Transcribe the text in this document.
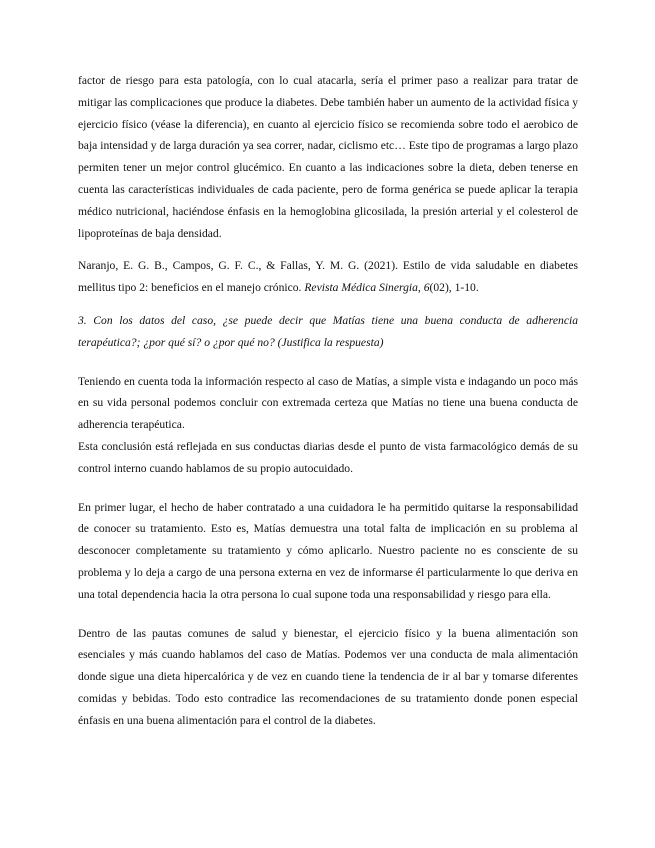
factor de riesgo para esta patología, con lo cual atacarla, sería el primer paso a realizar para tratar de mitigar las complicaciones que produce la diabetes. Debe también haber un aumento de la actividad física y ejercicio físico (véase la diferencia), en cuanto al ejercicio físico se recomienda sobre todo el aerobico de baja intensidad y de larga duración ya sea correr, nadar, ciclismo etc… Este tipo de programas a largo plazo permiten tener un mejor control glucémico. En cuanto a las indicaciones sobre la dieta, deben tenerse en cuenta las características individuales de cada paciente, pero de forma genérica se puede aplicar la terapia médico nutricional, haciéndose énfasis en la hemoglobina glicosilada, la presión arterial y el colesterol de lipoproteínas de baja densidad.

Naranjo, E. G. B., Campos, G. F. C., & Fallas, Y. M. G. (2021). Estilo de vida saludable en diabetes mellitus tipo 2: beneficios en el manejo crónico. Revista Médica Sinergia, 6(02), 1-10.

3. Con los datos del caso, ¿se puede decir que Matías tiene una buena conducta de adherencia terapéutica?; ¿por qué sí? o ¿por qué no? (Justifica la respuesta)

Teniendo en cuenta toda la información respecto al caso de Matías, a simple vista e indagando un poco más en su vida personal podemos concluir con extremada certeza que Matías no tiene una buena conducta de adherencia terapéutica.

Esta conclusión está reflejada en sus conductas diarias desde el punto de vista farmacológico demás de su control interno cuando hablamos de su propio autocuidado.

En primer lugar, el hecho de haber contratado a una cuidadora le ha permitido quitarse la responsabilidad de conocer su tratamiento. Esto es, Matías demuestra una total falta de implicación en su problema al desconocer completamente su tratamiento y cómo aplicarlo. Nuestro paciente no es consciente de su problema y lo deja a cargo de una persona externa en vez de informarse él particularmente lo que deriva en una total dependencia hacia la otra persona lo cual supone toda una responsabilidad y riesgo para ella.

Dentro de las pautas comunes de salud y bienestar, el ejercicio físico y la buena alimentación son esenciales y más cuando hablamos del caso de Matías. Podemos ver una conducta de mala alimentación donde sigue una dieta hipercalórica y de vez en cuando tiene la tendencia de ir al bar y tomarse diferentes comidas y bebidas. Todo esto contradice las recomendaciones de su tratamiento donde ponen especial énfasis en una buena alimentación para el control de la diabetes.
